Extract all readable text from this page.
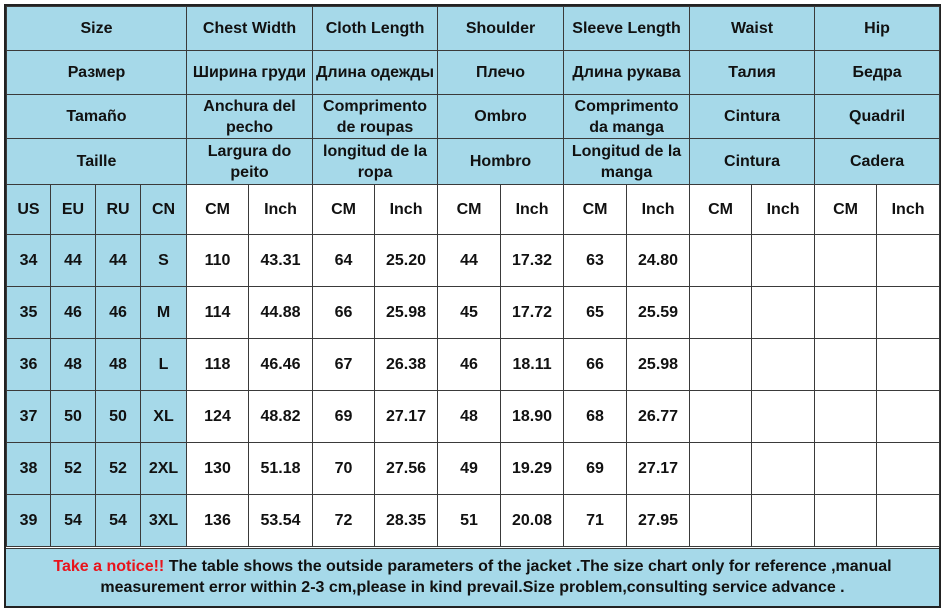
Size				Chest Width		Cloth Length		Shoulder		Sleeve Length		Waist		Hip	
Размер				Ширина груди		Длина одежды		Плечо		Длина рукава		Талия		Бедра	
Tamaño				Anchura del pecho		Comprimento de roupas		Ombro		Comprimento da manga		Cintura		Quadril	
Taille				Largura do peito		longitud de la ropa		Hombro		Longitud de la manga		Cintura		Cadera	
US	EU	RU	CN	CM	Inch	CM	Inch	CM	Inch	CM	Inch	CM	Inch	CM	Inch
34	44	44	S	110	43.31	64	25.20	44	17.32	63	24.80				
35	46	46	M	114	44.88	66	25.98	45	17.72	65	25.59				
36	48	48	L	118	46.46	67	26.38	46	18.11	66	25.98				
37	50	50	XL	124	48.82	69	27.17	48	18.90	68	26.77				
38	52	52	2XL	130	51.18	70	27.56	49	19.29	69	27.17				
39	54	54	3XL	136	53.54	72	28.35	51	20.08	71	27.95				
Take a notice!! The table shows the outside parameters of the jacket .The size chart only for reference ,manual measurement error within 2-3 cm,please in kind prevail.Size problem,consulting service advance .
